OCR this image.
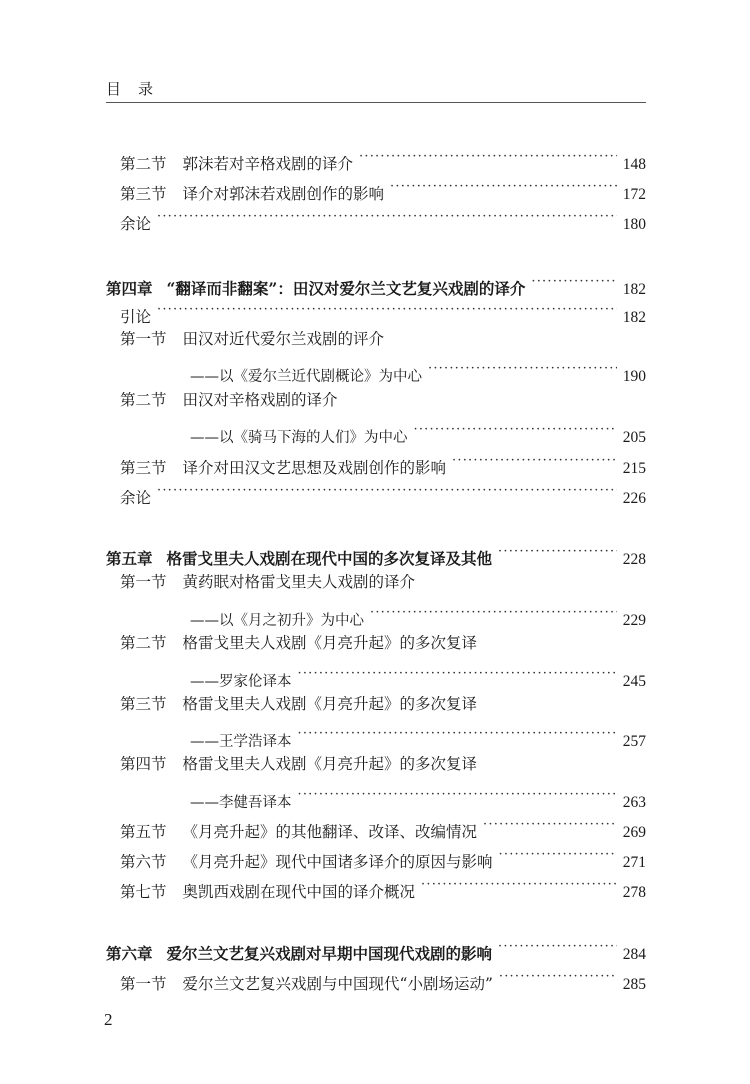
目　录
第二节 郭沫若对辛格戏剧的译介 ·····	148
第三节 译介对郭沫若戏剧创作的影响 ·····	172
余论 ·····	180
第四章 “翻译而非翻案”：田汉对爱尔兰文艺复兴戏剧的译介 ·····	182
引论 ·····	182
第一节 田汉对近代爱尔兰戏剧的评介
——以《爱尔兰近代剧概论》为中心 ·····	190
第二节 田汉对辛格戏剧的译介
——以《骑马下海的人们》为中心 ·····	205
第三节 译介对田汉文艺思想及戏剧创作的影响 ·····	215
余论 ·····	226
第五章 格雷戈里夫人戏剧在现代中国的多次复译及其他 ·····	228
第一节 黄药眠对格雷戈里夫人戏剧的译介
——以《月之初升》为中心 ·····	229
第二节 格雷戈里夫人戏剧《月亮升起》的多次复译
——罗家伦译本 ·····	245
第三节 格雷戈里夫人戏剧《月亮升起》的多次复译
——王学浩译本 ·····	257
第四节 格雷戈里夫人戏剧《月亮升起》的多次复译
——李健吾译本 ·····	263
第五节 《月亮升起》的其他翻译、改译、改编情况 ·····	269
第六节 《月亮升起》现代中国诸多译介的原因与影响 ·····	271
第七节 奥凯西戏剧在现代中国的译介概况 ·····	278
第六章 爱尔兰文艺复兴戏剧对早期中国现代戏剧的影响 ·····	284
第一节 爱尔兰文艺复兴戏剧与中国现代“小剧场运动” ·····	285
2
